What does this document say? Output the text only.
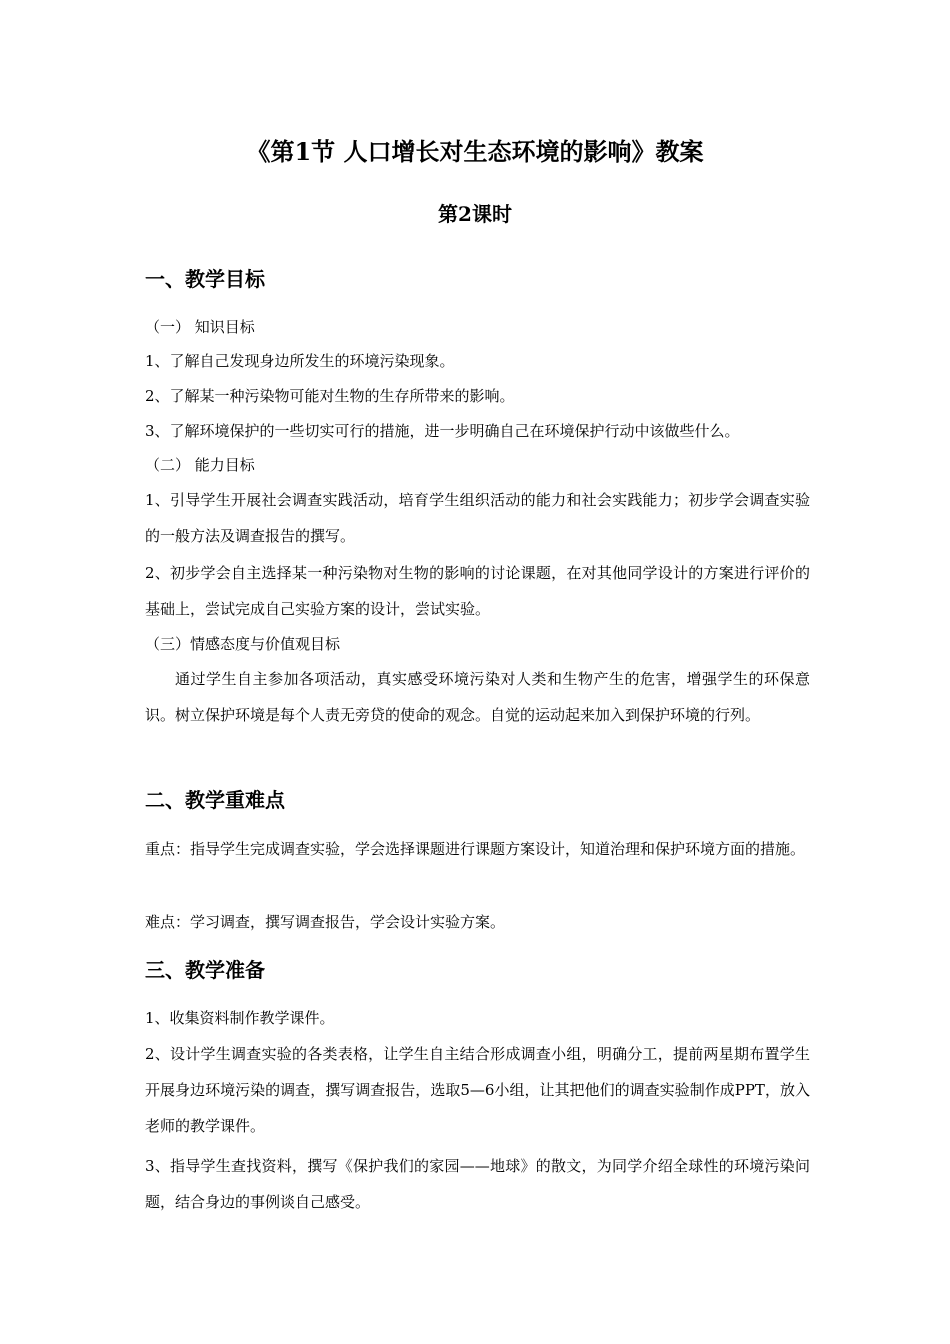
《第1节 人口增长对生态环境的影响》教案
第2课时
一、教学目标

（一） 知识目标

1、了解自己发现身边所发生的环境污染现象。

2、了解某一种污染物可能对生物的生存所带来的影响。

3、了解环境保护的一些切实可行的措施，进一步明确自己在环境保护行动中该做些什么。

（二） 能力目标

1、引导学生开展社会调查实践活动，培育学生组织活动的能力和社会实践能力；初步学会调查实验的一般方法及调查报告的撰写。

2、初步学会自主选择某一种污染物对生物的影响的讨论课题，在对其他同学设计的方案进行评价的基础上，尝试完成自己实验方案的设计，尝试实验。

（三）情感态度与价值观目标

通过学生自主参加各项活动，真实感受环境污染对人类和生物产生的危害，增强学生的环保意识。树立保护环境是每个人责无旁贷的使命的观念。自觉的运动起来加入到保护环境的行列。

二、教学重难点

重点：指导学生完成调查实验，学会选择课题进行课题方案设计，知道治理和保护环境方面的措施。

难点：学习调查，撰写调查报告，学会设计实验方案。

三、教学准备

1、收集资料制作教学课件。

2、设计学生调查实验的各类表格，让学生自主结合形成调查小组，明确分工，提前两星期布置学生开展身边环境污染的调查，撰写调查报告，选取5—6小组，让其把他们的调查实验制作成PPT，放入老师的教学课件。

3、指导学生查找资料，撰写《保护我们的家园——地球》的散文，为同学介绍全球性的环境污染问题，结合身边的事例谈自己感受。
